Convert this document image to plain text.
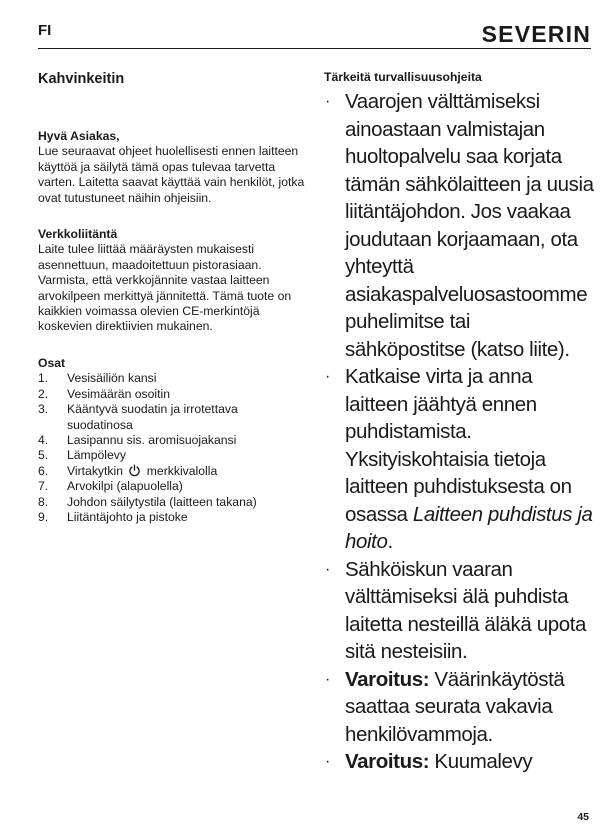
FI	SEVERIN

Kahvinkeitin

Hyvä Asiakas,

Lue seuraavat ohjeet huolellisesti ennen laitteen käyttöä ja säilytä tämä opas tulevaa tarvetta varten. Laitetta saavat käyttää vain henkilöt, jotka ovat tutustuneet näihin ohjeisiin.

Verkkoliitäntä

Laite tulee liittää määräysten mukaisesti asennettuun, maadoitettuun pistorasiaan. Varmista, että verkkojännite vastaa laitteen arvokilpeen merkittyä jännitettä. Tämä tuote on kaikkien voimassa olevien CE-merkintöjä koskevien direktiivien mukainen.

Osat

1.	Vesisäiliön kansi
2.	Vesimäärän osoitin
3.	Kääntyvä suodatin ja irrotettava suodatinosa
4.	Lasipannu sis. aromisuojakansi
5.	Lämpölevy
6.	Virtakytkin merkkivalolla
7.	Arvokilpi (alapuolella)
8.	Johdon säilytystila (laitteen takana)
9.	Liitäntäjohto ja pistoke

Tärkeitä turvallisuusohjeita

· Vaarojen välttämiseksi ainoastaan valmistajan huoltopalvelu saa korjata tämän sähkölaitteen ja uusia liitäntäjohdon. Jos vaakaa joudutaan korjaamaan, ota yhteyttä asiakaspalveluosastoomme puhelimitse tai sähköpostitse (katso liite).
· Katkaise virta ja anna laitteen jäähtyä ennen puhdistamista. Yksityiskohtaisia tietoja laitteen puhdistuksesta on osassa Laitteen puhdistus ja hoito.
· Sähköiskun vaaran välttämiseksi älä puhdista laitetta nesteillä äläkä upota sitä nesteisiin.
· Varoitus: Väärinkäytöstä saattaa seurata vakavia henkilövammoja.
· Varoitus: Kuumalevy
45
